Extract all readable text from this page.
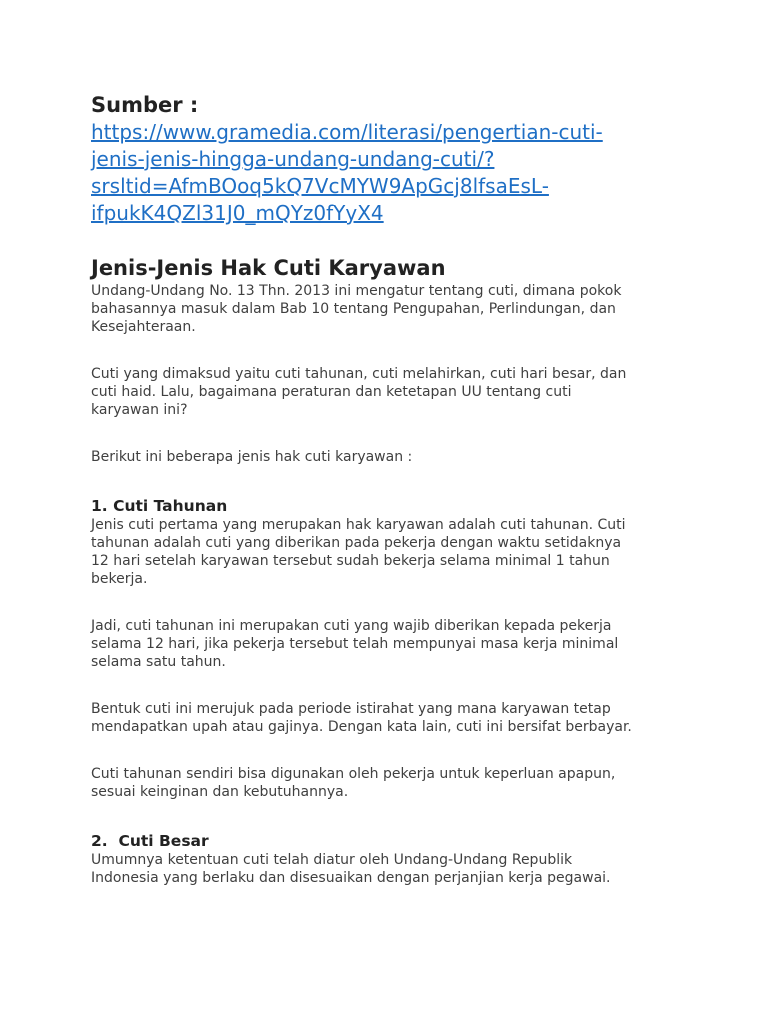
Sumber :
https://www.gramedia.com/literasi/pengertian-cuti-
jenis-jenis-hingga-undang-undang-cuti/?
srsltid=AfmBOoq5kQ7VcMYW9ApGcj8lfsaEsL-
ifpukK4QZl31J0_mQYz0fYyX4
Jenis-Jenis Hak Cuti Karyawan

Undang-Undang No. 13 Thn. 2013 ini mengatur tentang cuti, dimana pokok
bahasannya masuk dalam Bab 10 tentang Pengupahan, Perlindungan, dan
Kesejahteraan.

Cuti yang dimaksud yaitu cuti tahunan, cuti melahirkan, cuti hari besar, dan
cuti haid. Lalu, bagaimana peraturan dan ketetapan UU tentang cuti
karyawan ini?

Berikut ini beberapa jenis hak cuti karyawan :

1. Cuti Tahunan

Jenis cuti pertama yang merupakan hak karyawan adalah cuti tahunan. Cuti
tahunan adalah cuti yang diberikan pada pekerja dengan waktu setidaknya
12 hari setelah karyawan tersebut sudah bekerja selama minimal 1 tahun
bekerja.

Jadi, cuti tahunan ini merupakan cuti yang wajib diberikan kepada pekerja
selama 12 hari, jika pekerja tersebut telah mempunyai masa kerja minimal
selama satu tahun.

Bentuk cuti ini merujuk pada periode istirahat yang mana karyawan tetap
mendapatkan upah atau gajinya. Dengan kata lain, cuti ini bersifat berbayar.

Cuti tahunan sendiri bisa digunakan oleh pekerja untuk keperluan apapun,
sesuai keinginan dan kebutuhannya.

2.  Cuti Besar

Umumnya ketentuan cuti telah diatur oleh Undang-Undang Republik
Indonesia yang berlaku dan disesuaikan dengan perjanjian kerja pegawai.
